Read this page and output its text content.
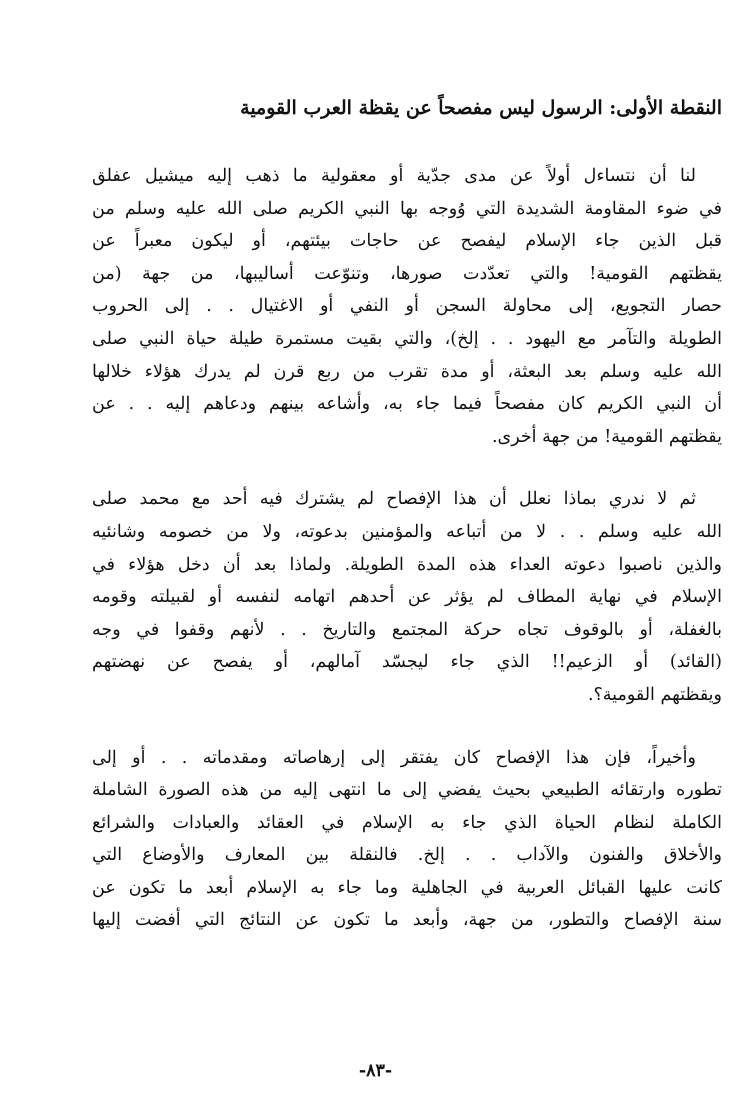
النقطة الأولى: الرسول ليس مفصحاً عن يقظة العرب القومية

لنا أن نتساءل أولاً عن مدى جدّية أو معقولية ما ذهب إليه ميشيل عفلق
في ضوء المقاومة الشديدة التي وُوجه بها النبي الكريم صلى الله عليه وسلم من
قبل الذين جاء الإسلام ليفصح عن حاجات بيئتهم، أو ليكون معبراً عن
يقظتهم القومية! والتي تعدّدت صورها، وتنوّعت أساليبها، من جهة (من
حصار التجويع، إلى محاولة السجن أو النفي أو الاغتيال . . إلى الحروب
الطويلة والتآمر مع اليهود . . إلخ)، والتي بقيت مستمرة طيلة حياة النبي صلى
الله عليه وسلم بعد البعثة، أو مدة تقرب من ربع قرن لم يدرك هؤلاء خلالها
أن النبي الكريم كان مفصحاً فيما جاء به، وأشاعه بينهم ودعاهم إليه . . عن
يقظتهم القومية! من جهة أخرى.

ثم لا ندري بماذا نعلل أن هذا الإفصاح لم يشترك فيه أحد مع محمد صلى
الله عليه وسلم . . لا من أتباعه والمؤمنين بدعوته، ولا من خصومه وشانئيه
والذين ناصبوا دعوته العداء هذه المدة الطويلة. ولماذا بعد أن دخل هؤلاء في
الإسلام في نهاية المطاف لم يؤثر عن أحدهم اتهامه لنفسه أو لقبيلته وقومه
بالغفلة، أو بالوقوف تجاه حركة المجتمع والتاريخ . . لأنهم وقفوا في وجه
(القائد) أو الزعيم!! الذي جاء ليجسّد آمالهم، أو يفصح عن نهضتهم
ويقظتهم القومية؟.

وأخيراً، فإن هذا الإفصاح كان يفتقر إلى إرهاصاته ومقدماته . . أو إلى
تطوره وارتقائه الطبيعي بحيث يفضي إلى ما انتهى إليه من هذه الصورة الشاملة
الكاملة لنظام الحياة الذي جاء به الإسلام في العقائد والعبادات والشرائع
والأخلاق والفنون والآداب . . إلخ. فالنقلة بين المعارف والأوضاع التي
كانت عليها القبائل العربية في الجاهلية وما جاء به الإسلام أبعد ما تكون عن
سنة الإفصاح والتطور، من جهة، وأبعد ما تكون عن النتائج التي أفضت إليها

-٨٣-
